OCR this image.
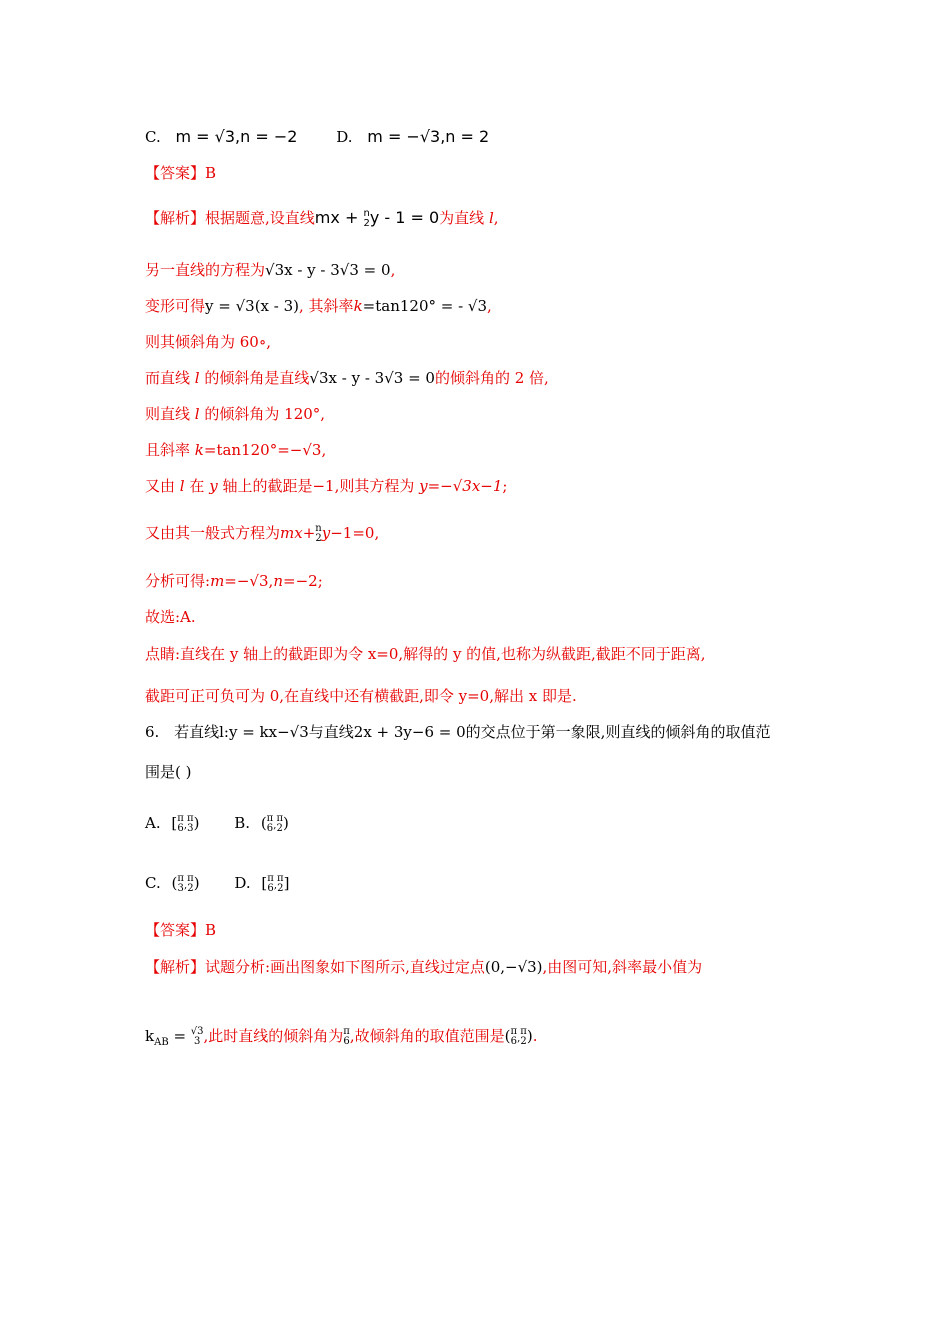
C. m = √3,n = −2	D. m = −√3,n = 2
【答案】B
【解析】根据题意,设直线mx + n
2 y - 1 = 0为直线 l,
另一直线的方程为√3x - y - 3√3 = 0,
变形可得y = √3(x - 3), 其斜率k=tan120° = - √3,
则其倾斜角为 60∘,
而直线 l 的倾斜角是直线√3x - y - 3√3 = 0的倾斜角的 2 倍,
则直线 l 的倾斜角为 120°,
且斜率 k=tan120°=−√3,
又由 l 在 y 轴上的截距是−1,则其方程为 y=−√3x−1;
又由其一般式方程为mx+ n
2 y−1=0,
分析可得:m=−√3,n=−2;
故选:A.
点睛:直线在 y 轴上的截距即为令 x=0,解得的 y 的值,也称为纵截距,截距不同于距离,
截距可正可负可为 0,在直线中还有横截距,即令 y=0,解出 x 即是.
6. 若直线l:y = kx−√3与直线2x + 3y−6 = 0的交点位于第一象限,则直线的倾斜角的取值范
围是( )
A. [ π
6 ,
π
3 ) B. ( π
6 ,
π
2 )
C. ( π
3 ,
π
2 ) D. [ π
6 ,
π
2 ]
【答案】B
【解析】试题分析:画出图象如下图所示,直线过定点(0,−√3),由图可知,斜率最小值为
$k_{AB} = √3$
3 ,此时直线的倾斜角为 π
6 ,故倾斜角的取值范围是( π
6 ,
π
2 ).
